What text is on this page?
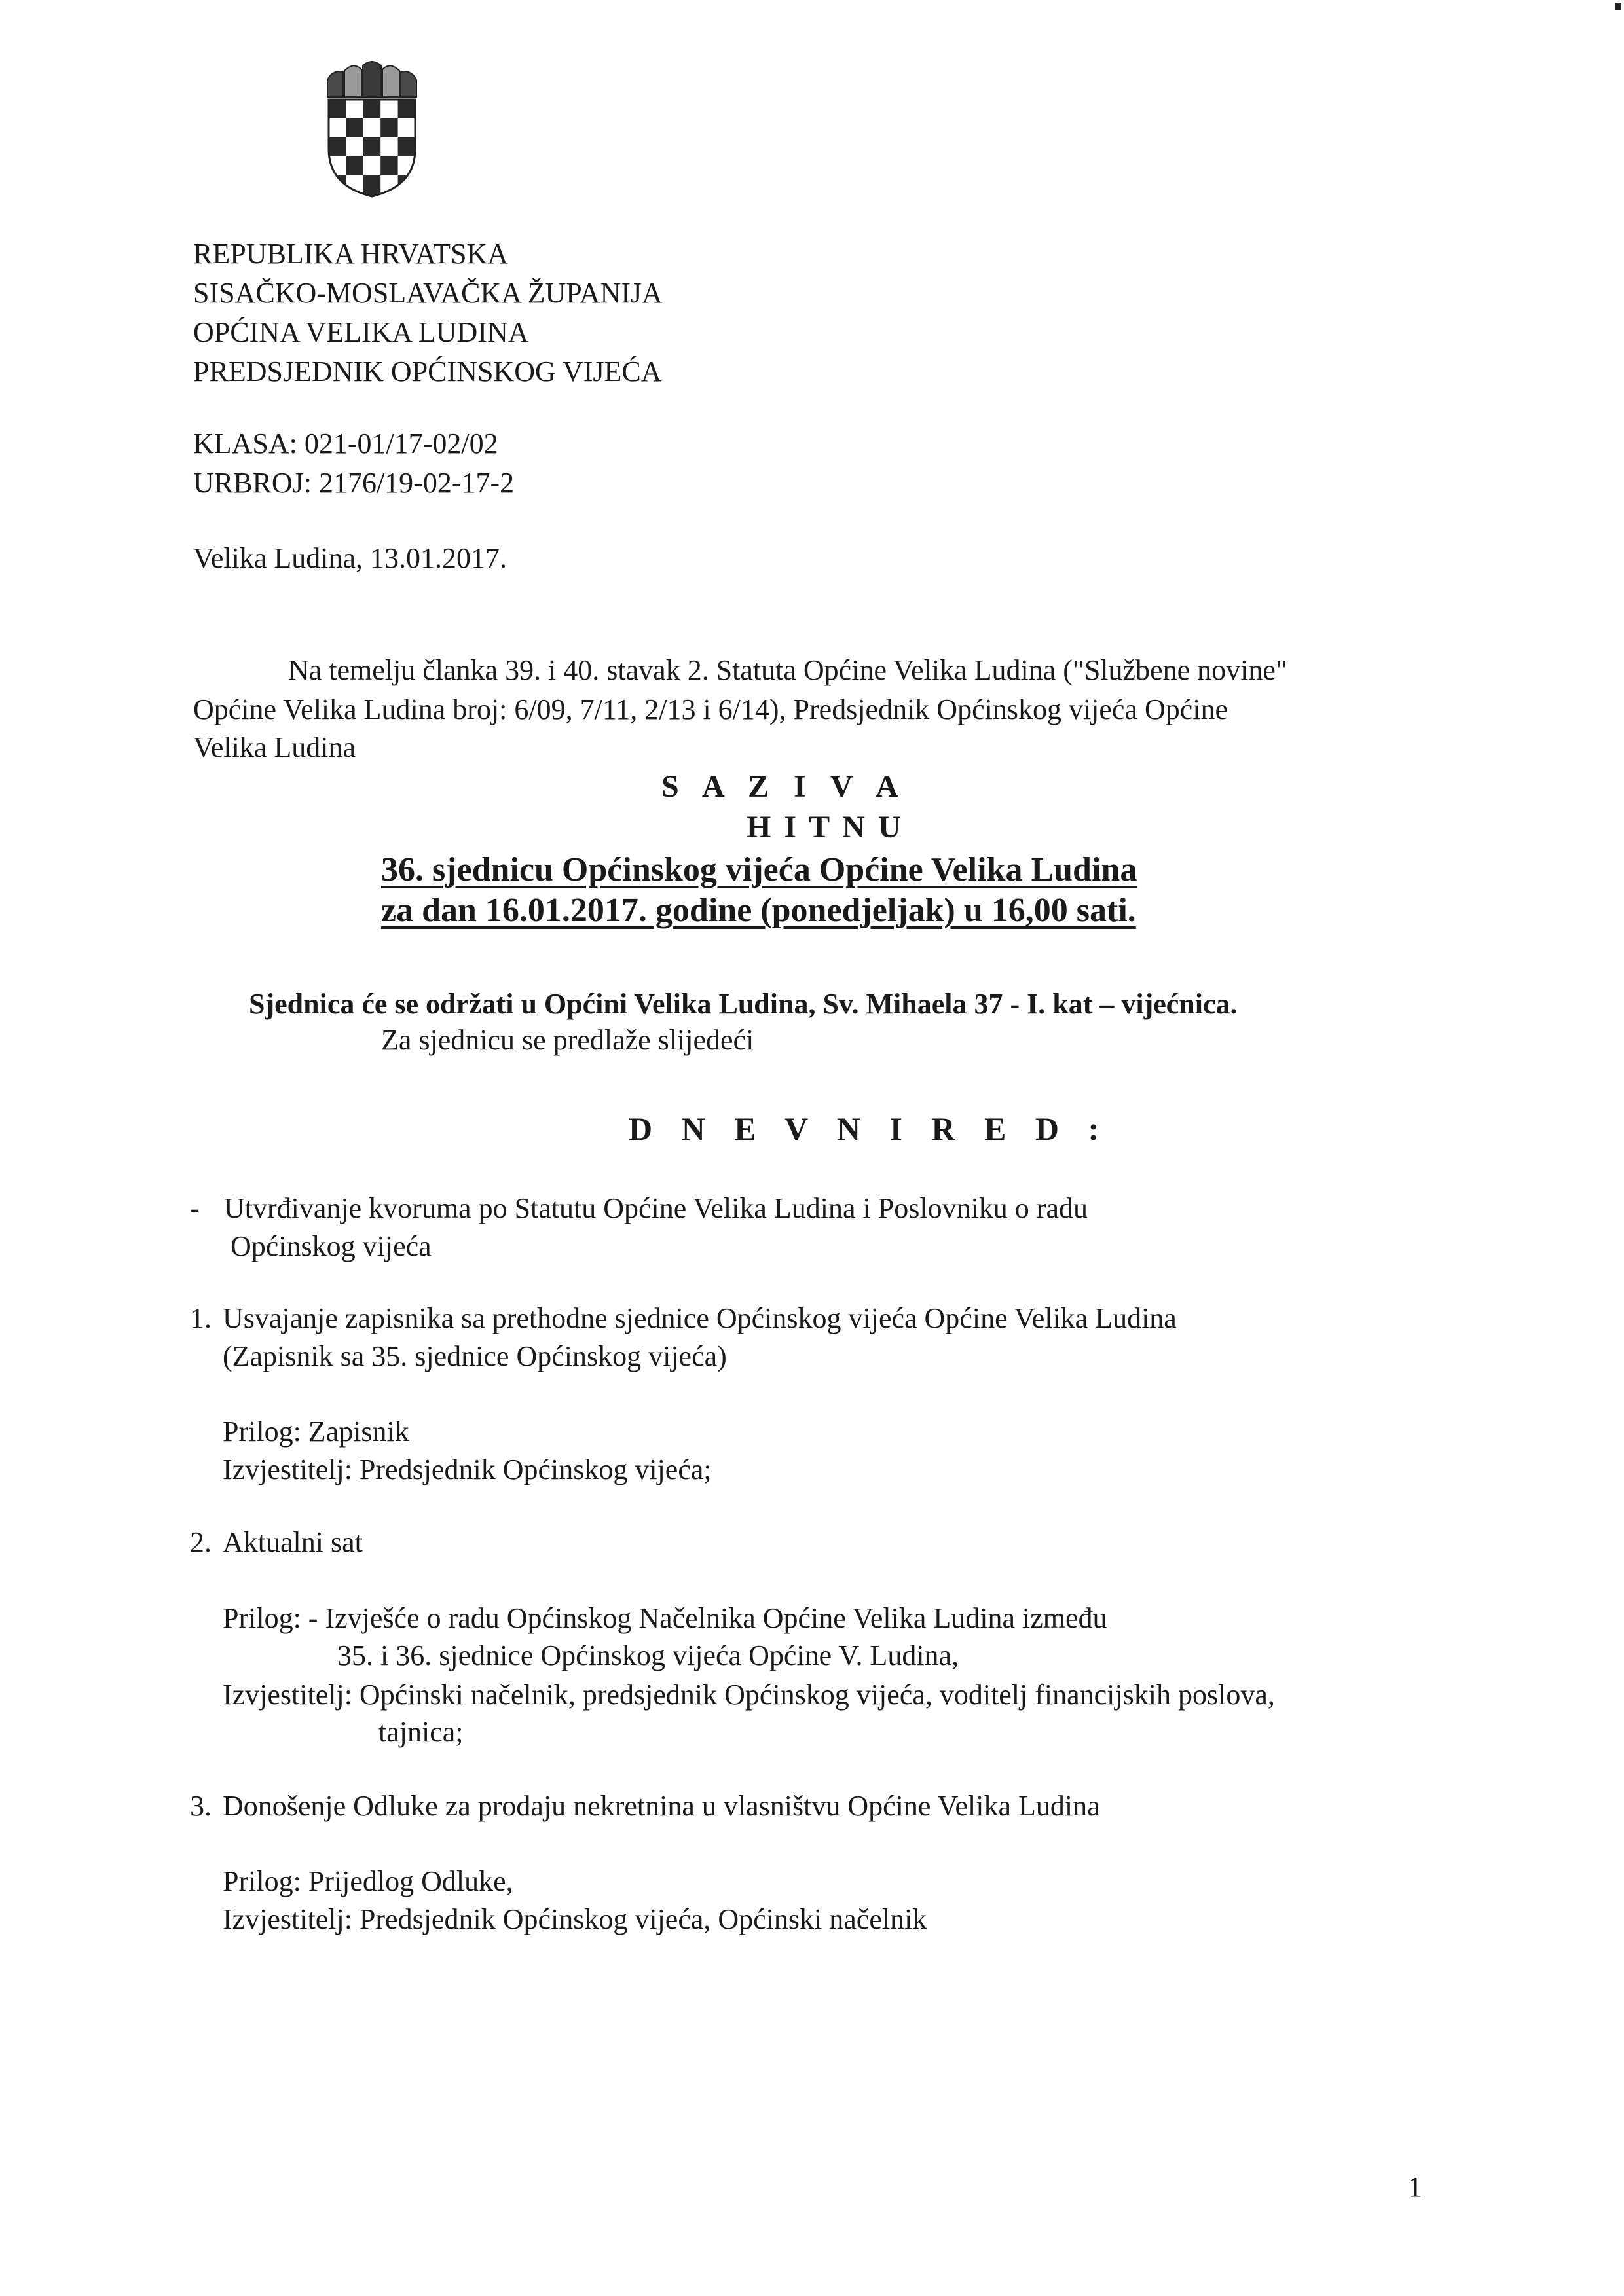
REPUBLIKA HRVATSKA
SISAČKO-MOSLAVAČKA ŽUPANIJA
OPĆINA VELIKA LUDINA
PREDSJEDNIK OPĆINSKOG VIJEĆA
KLASA: 021-01/17-02/02
URBROJ: 2176/19-02-17-2
Velika Ludina, 13.01.2017.
Na temelju članka 39. i 40. stavak 2. Statuta Općine Velika Ludina ("Službene novine"
Općine Velika Ludina broj: 6/09, 7/11, 2/13 i 6/14), Predsjednik Općinskog vijeća Općine
Velika Ludina
S A Z I V A
H I T N U
36. sjednicu Općinskog vijeća Općine Velika Ludina
za dan 16.01.2017. godine (ponedjeljak) u 16,00 sati.
Sjednica će se održati u Općini Velika Ludina, Sv. Mihaela 37 - I. kat – vijećnica.
Za sjednicu se predlaže slijedeći
D N E V N I R E D :
- Utvrđivanje kvoruma po Statutu Općine Velika Ludina i Poslovniku o radu
Općinskog vijeća
1. Usvajanje zapisnika sa prethodne sjednice Općinskog vijeća Općine Velika Ludina
(Zapisnik sa 35. sjednice Općinskog vijeća)
Prilog: Zapisnik
Izvjestitelj: Predsjednik Općinskog vijeća;
2. Aktualni sat
Prilog: - Izvješće o radu Općinskog Načelnika Općine Velika Ludina između
35. i 36. sjednice Općinskog vijeća Općine V. Ludina,
Izvjestitelj: Općinski načelnik, predsjednik Općinskog vijeća, voditelj financijskih poslova,
tajnica;
3. Donošenje Odluke za prodaju nekretnina u vlasništvu Općine Velika Ludina
Prilog: Prijedlog Odluke,
Izvjestitelj: Predsjednik Općinskog vijeća, Općinski načelnik
1
